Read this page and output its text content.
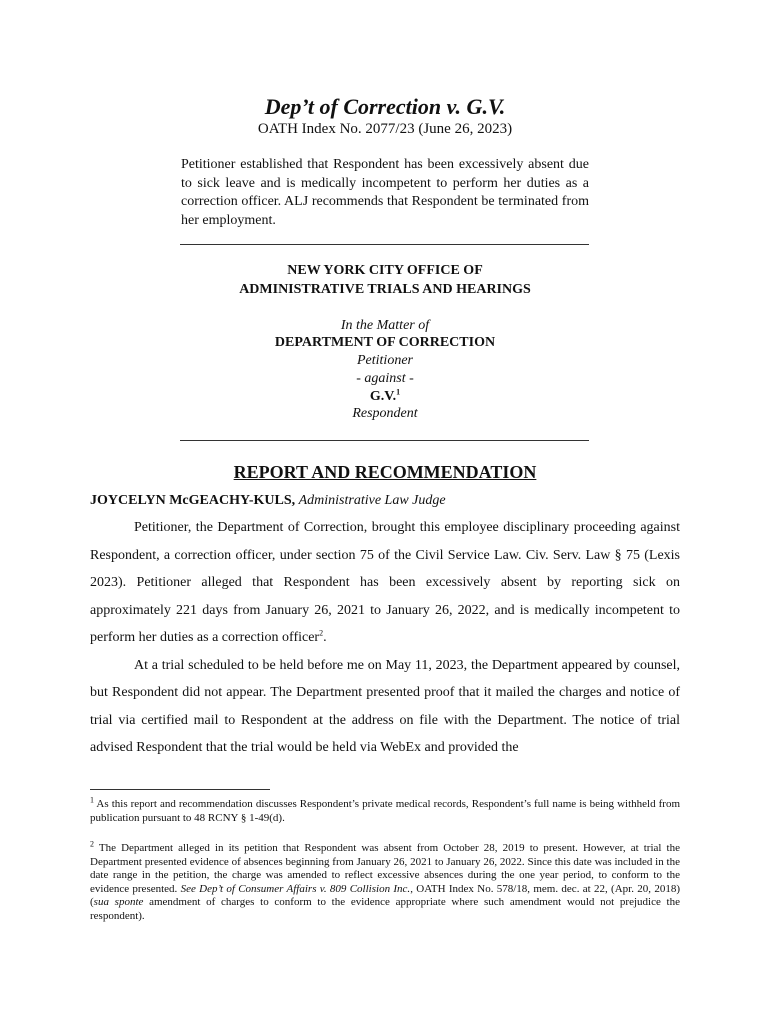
Dep’t of Correction v. G.V.
OATH Index No. 2077/23 (June 26, 2023)
Petitioner established that Respondent has been excessively absent due to sick leave and is medically incompetent to perform her duties as a correction officer. ALJ recommends that Respondent be terminated from her employment.
NEW YORK CITY OFFICE OF
ADMINISTRATIVE TRIALS AND HEARINGS
In the Matter of
DEPARTMENT OF CORRECTION
Petitioner
- against -
G.V.$^1$
Respondent
REPORT AND RECOMMENDATION
JOYCELYN McGEACHY-KULS, Administrative Law Judge

Petitioner, the Department of Correction, brought this employee disciplinary proceeding against Respondent, a correction officer, under section 75 of the Civil Service Law. Civ. Serv. Law § 75 (Lexis 2023). Petitioner alleged that Respondent has been excessively absent by reporting sick on approximately 221 days from January 26, 2021 to January 26, 2022, and is medically incompetent to perform her duties as a correction officer$^2$.

At a trial scheduled to be held before me on May 11, 2023, the Department appeared by counsel, but Respondent did not appear. The Department presented proof that it mailed the charges and notice of trial via certified mail to Respondent at the address on file with the Department. The notice of trial advised Respondent that the trial would be held via WebEx and provided the

$^1$ As this report and recommendation discusses Respondent’s private medical records, Respondent’s full name is being withheld from publication pursuant to 48 RCNY § 1-49(d).
$^2$ The Department alleged in its petition that Respondent was absent from October 28, 2019 to present. However, at trial the Department presented evidence of absences beginning from January 26, 2021 to January 26, 2022. Since this date was included in the date range in the petition, the charge was amended to reflect excessive absences during the one year period, to conform to the evidence presented. See Dep’t of Consumer Affairs v. 809 Collision Inc., OATH Index No. 578/18, mem. dec. at 22, (Apr. 20, 2018) (sua sponte amendment of charges to conform to the evidence appropriate where such amendment would not prejudice the respondent).
